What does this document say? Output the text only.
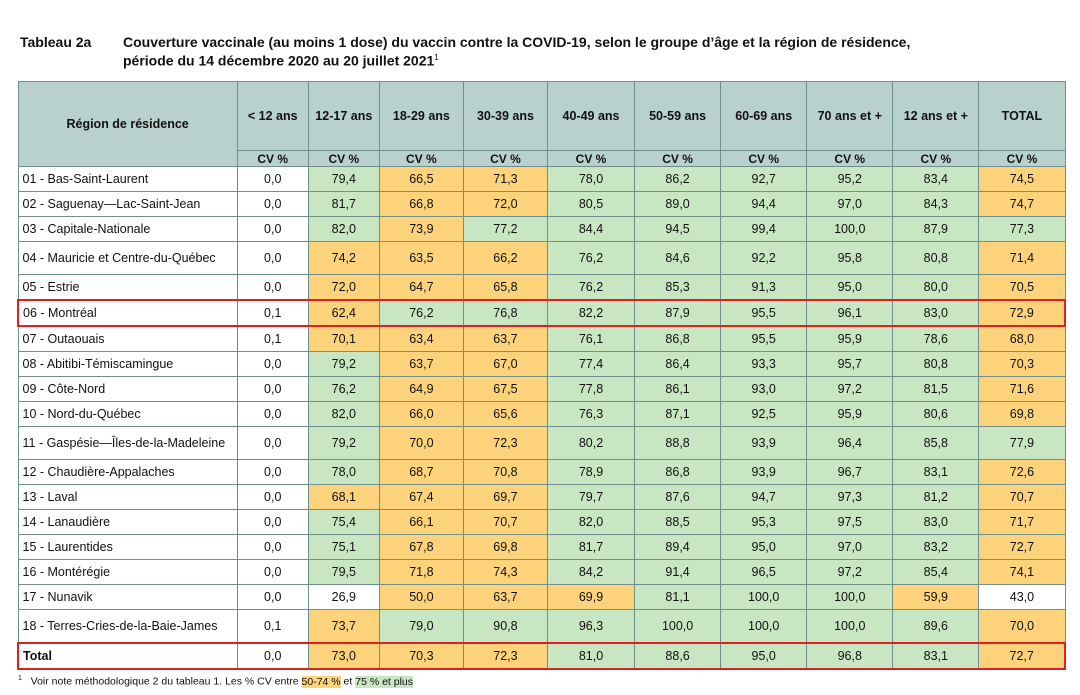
Tableau 2a Couverture vaccinale (au moins 1 dose) du vaccin contre la COVID-19, selon le groupe d’âge et la région de résidence,
période du 14 décembre 2020 au 20 juillet 2021$^1$
Région de résidence	< 12 ans	12-17 ans	18-29 ans	30-39 ans	40-49 ans	50-59 ans	60-69 ans	70 ans et +	12 ans et +	TOTAL
	CV %	CV %	CV %	CV %	CV %	CV %	CV %	CV %	CV %	CV %
01 - Bas-Saint-Laurent	0,0	79,4	66,5	71,3	78,0	86,2	92,7	95,2	83,4	74,5
02 - Saguenay—Lac-Saint-Jean	0,0	81,7	66,8	72,0	80,5	89,0	94,4	97,0	84,3	74,7
03 - Capitale-Nationale	0,0	82,0	73,9	77,2	84,4	94,5	99,4	100,0	87,9	77,3
04 - Mauricie et Centre-du-Québec	0,0	74,2	63,5	66,2	76,2	84,6	92,2	95,8	80,8	71,4
05 - Estrie	0,0	72,0	64,7	65,8	76,2	85,3	91,3	95,0	80,0	70,5
06 - Montréal	0,1	62,4	76,2	76,8	82,2	87,9	95,5	96,1	83,0	72,9
07 - Outaouais	0,1	70,1	63,4	63,7	76,1	86,8	95,5	95,9	78,6	68,0
08 - Abitibi-Témiscamingue	0,0	79,2	63,7	67,0	77,4	86,4	93,3	95,7	80,8	70,3
09 - Côte-Nord	0,0	76,2	64,9	67,5	77,8	86,1	93,0	97,2	81,5	71,6
10 - Nord-du-Québec	0,0	82,0	66,0	65,6	76,3	87,1	92,5	95,9	80,6	69,8
11 - Gaspésie—Îles-de-la-Madeleine	0,0	79,2	70,0	72,3	80,2	88,8	93,9	96,4	85,8	77,9
12 - Chaudière-Appalaches	0,0	78,0	68,7	70,8	78,9	86,8	93,9	96,7	83,1	72,6
13 - Laval	0,0	68,1	67,4	69,7	79,7	87,6	94,7	97,3	81,2	70,7
14 - Lanaudière	0,0	75,4	66,1	70,7	82,0	88,5	95,3	97,5	83,0	71,7
15 - Laurentides	0,0	75,1	67,8	69,8	81,7	89,4	95,0	97,0	83,2	72,7
16 - Montérégie	0,0	79,5	71,8	74,3	84,2	91,4	96,5	97,2	85,4	74,1
17 - Nunavik	0,0	26,9	50,0	63,7	69,9	81,1	100,0	100,0	59,9	43,0
18 - Terres-Cries-de-la-Baie-James	0,1	73,7	79,0	90,8	96,3	100,0	100,0	100,0	89,6	70,0
Total	0,0	73,0	70,3	72,3	81,0	88,6	95,0	96,8	83,1	72,7
$^1$ Voir note méthodologique 2 du tableau 1. Les % CV entre 50-74 % et 75 % et plus
